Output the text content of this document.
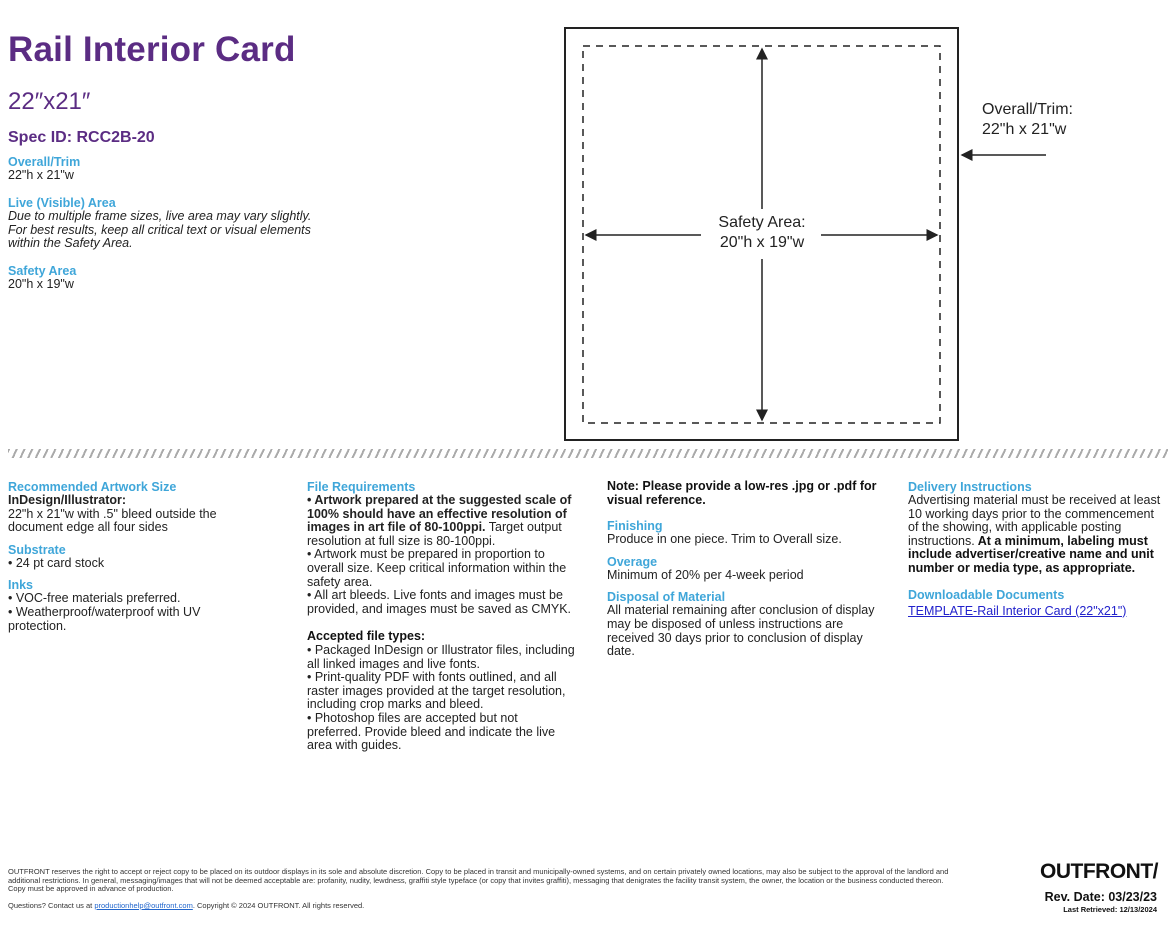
Rail Interior Card
22″x21″
Spec ID: RCC2B-20
Overall/Trim
22"h x 21"w
Live (Visible) Area
Due to multiple frame sizes, live area may vary slightly.
For best results, keep all critical text or visual elements
within the Safety Area.
Safety Area
20"h x 19"w
Safety Area:
20"h x 19"w
Overall/Trim:
22"h x 21"w
Recommended Artwork Size
InDesign/Illustrator:
22"h x 21"w with .5" bleed outside the document edge all four sides
Substrate
• 24 pt card stock
Inks
• VOC-free materials preferred.
• Weatherproof/waterproof with UV protection.
File Requirements
• Artwork prepared at the suggested scale of 100% should have an effective resolution of images in art file of 80-100ppi. Target output resolution at full size is 80-100ppi.
• Artwork must be prepared in proportion to overall size. Keep critical information within the safety area.
• All art bleeds. Live fonts and images must be provided, and images must be saved as CMYK.
Accepted file types:
• Packaged InDesign or Illustrator files, including all linked images and live fonts.
• Print-quality PDF with fonts outlined, and all raster images provided at the target resolution, including crop marks and bleed.
• Photoshop files are accepted but not preferred. Provide bleed and indicate the live area with guides.
Note: Please provide a low-res .jpg or .pdf for visual reference.
Finishing
Produce in one piece. Trim to Overall size.
Overage
Minimum of 20% per 4-week period
Disposal of Material
All material remaining after conclusion of display may be disposed of unless instructions are received 30 days prior to conclusion of display date.
Delivery Instructions
Advertising material must be received at least 10 working days prior to the commencement of the showing, with applicable posting instructions. At a minimum, labeling must include advertiser/creative name and unit number or media type, as appropriate.
Downloadable Documents
TEMPLATE-Rail Interior Card (22"x21")
OUTFRONT reserves the right to accept or reject copy to be placed on its outdoor displays in its sole and absolute discretion. Copy to be placed in transit and municipally-owned systems, and on certain privately owned locations, may also be subject to the approval of the landlord and additional restrictions. In general, messaging/images that will not be deemed acceptable are: profanity, nudity, lewdness, graffiti style typeface (or copy that invites graffiti), messaging that denigrates the facility transit system, the owner, the location or the business conducted thereon. Copy must be approved in advance of production.
Questions? Contact us at productionhelp@outfront.com. Copyright © 2024 OUTFRONT. All rights reserved.
OUTFRONT/
Rev. Date: 03/23/23
Last Retrieved: 12/13/2024
